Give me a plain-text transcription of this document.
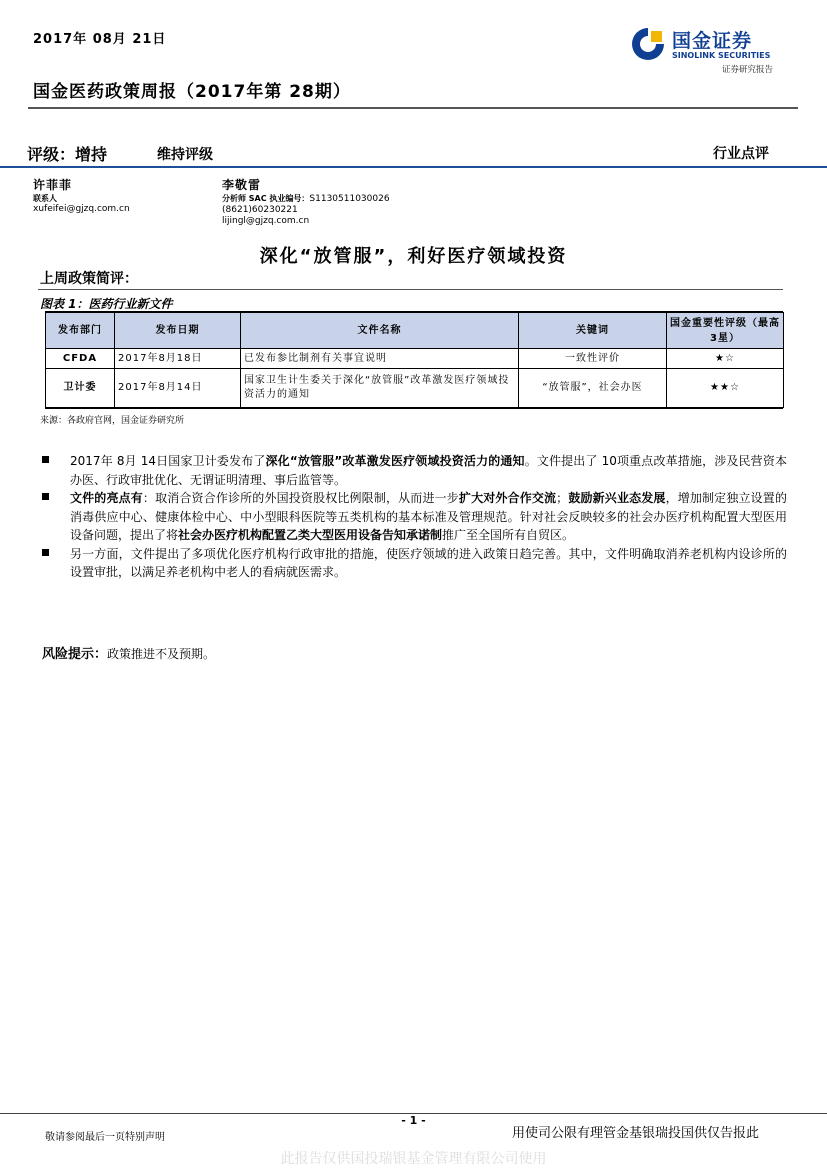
2017年 08月 21日	国金证券
SINOLINK SECURITIES
证券研究报告
国金医药政策周报（2017年第 28期）
评级：增持	维持评级	行业点评
许菲菲
联系人
xufeifei@gjzq.com.cn
李敬雷
分析师 SAC 执业编号：S1130511030026
(8621)60230221
lijingl@gjzq.com.cn
深化“放管服”，利好医疗领域投资
上周政策简评：
图表 1：医药行业新文件
发布部门	发布日期	文件名称	关键词	国金重要性评级（最高 3星）
CFDA	2017年8月18日	已发布参比制剂有关事宜说明	一致性评价	★☆
卫计委	2017年8月14日	国家卫生计生委关于深化“放管服”改革激发医疗领域投资活力的通知	“放管服”，社会办医	★★☆
来源：各政府官网，国金证券研究所
2017年 8月 14日国家卫计委发布了深化“放管服”改革激发医疗领域投资活力的通知。文件提出了 10项重点改革措施，涉及民营资本办医、行政审批优化、无谓证明清理、事后监管等。
文件的亮点有：取消合资合作诊所的外国投资股权比例限制，从而进一步扩大对外合作交流；鼓励新兴业态发展，增加制定独立设置的消毒供应中心、健康体检中心、中小型眼科医院等五类机构的基本标准及管理规范。针对社会反映较多的社会办医疗机构配置大型医用设备问题，提出了将社会办医疗机构配置乙类大型医用设备告知承诺制推广至全国所有自贸区。
另一方面，文件提出了多项优化医疗机构行政审批的措施，使医疗领域的进入政策日趋完善。其中，文件明确取消养老机构内设诊所的设置审批，以满足养老机构中老人的看病就医需求。
风险提示：政策推进不及预期。
- 1 -
敬请参阅最后一页特别声明	用使司公限有理管金基银瑞投国供仅告报此
此报告仅供国投瑞银基金管理有限公司使用
